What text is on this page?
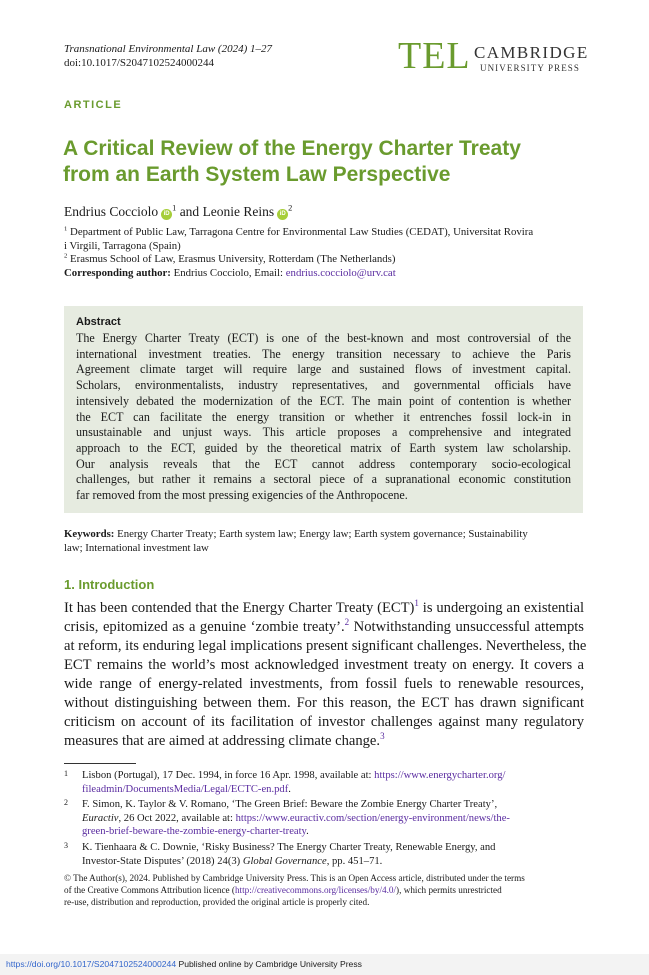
Transnational Environmental Law (2024) 1–27
doi:10.1017/S2047102524000244	TEL CAMBRIDGE
UNIVERSITY PRESS
ARTICLE
A Critical Review of the Energy Charter Treaty
from an Earth System Law Perspective
Endrius Cocciolo $iD^1$ and Leonie Reins $iD^2$
$^1$ Department of Public Law, Tarragona Centre for Environmental Law Studies (CEDAT), Universitat Rovira
i Virgili, Tarragona (Spain)
$^2$ Erasmus School of Law, Erasmus University, Rotterdam (The Netherlands)
Corresponding author: Endrius Cocciolo, Email: endrius.cocciolo@urv.cat
Abstract
The Energy Charter Treaty (ECT) is one of the best-known and most controversial of the
international investment treaties. The energy transition necessary to achieve the Paris
Agreement climate target will require large and sustained flows of investment capital.
Scholars, environmentalists, industry representatives, and governmental officials have
intensively debated the modernization of the ECT. The main point of contention is whether
the ECT can facilitate the energy transition or whether it entrenches fossil lock-in in
unsustainable and unjust ways. This article proposes a comprehensive and integrated
approach to the ECT, guided by the theoretical matrix of Earth system law scholarship.
Our analysis reveals that the ECT cannot address contemporary socio-ecological
challenges, but rather it remains a sectoral piece of a supranational economic constitution
far removed from the most pressing exigencies of the Anthropocene.
Keywords: Energy Charter Treaty; Earth system law; Energy law; Earth system governance; Sustainability
law; International investment law
1. Introduction
It has been contended that the Energy Charter Treaty (ECT)$^1$ is undergoing an existential
crisis, epitomized as a genuine ‘zombie treaty’.$^2$ Notwithstanding unsuccessful attempts
at reform, its enduring legal implications present significant challenges. Nevertheless, the
ECT remains the world’s most acknowledged investment treaty on energy. It covers a
wide range of energy-related investments, from fossil fuels to renewable resources,
without distinguishing between them. For this reason, the ECT has drawn significant
criticism on account of its facilitation of investor challenges against many regulatory
measures that are aimed at addressing climate change.$^3$
1 Lisbon (Portugal), 17 Dec. 1994, in force 16 Apr. 1998, available at: https://www.energycharter.org/
fileadmin/DocumentsMedia/Legal/ECTC-en.pdf.
2 F. Simon, K. Taylor & V. Romano, ‘The Green Brief: Beware the Zombie Energy Charter Treaty’,
Euractiv, 26 Oct 2022, available at: https://www.euractiv.com/section/energy-environment/news/the-
green-brief-beware-the-zombie-energy-charter-treaty.
3 K. Tienhaara & C. Downie, ‘Risky Business? The Energy Charter Treaty, Renewable Energy, and
Investor-State Disputes’ (2018) 24(3) Global Governance, pp. 451–71.
© The Author(s), 2024. Published by Cambridge University Press. This is an Open Access article, distributed under the terms
of the Creative Commons Attribution licence (http://creativecommons.org/licenses/by/4.0/), which permits unrestricted
re-use, distribution and reproduction, provided the original article is properly cited.
https://doi.org/10.1017/S2047102524000244 Published online by Cambridge University Press
